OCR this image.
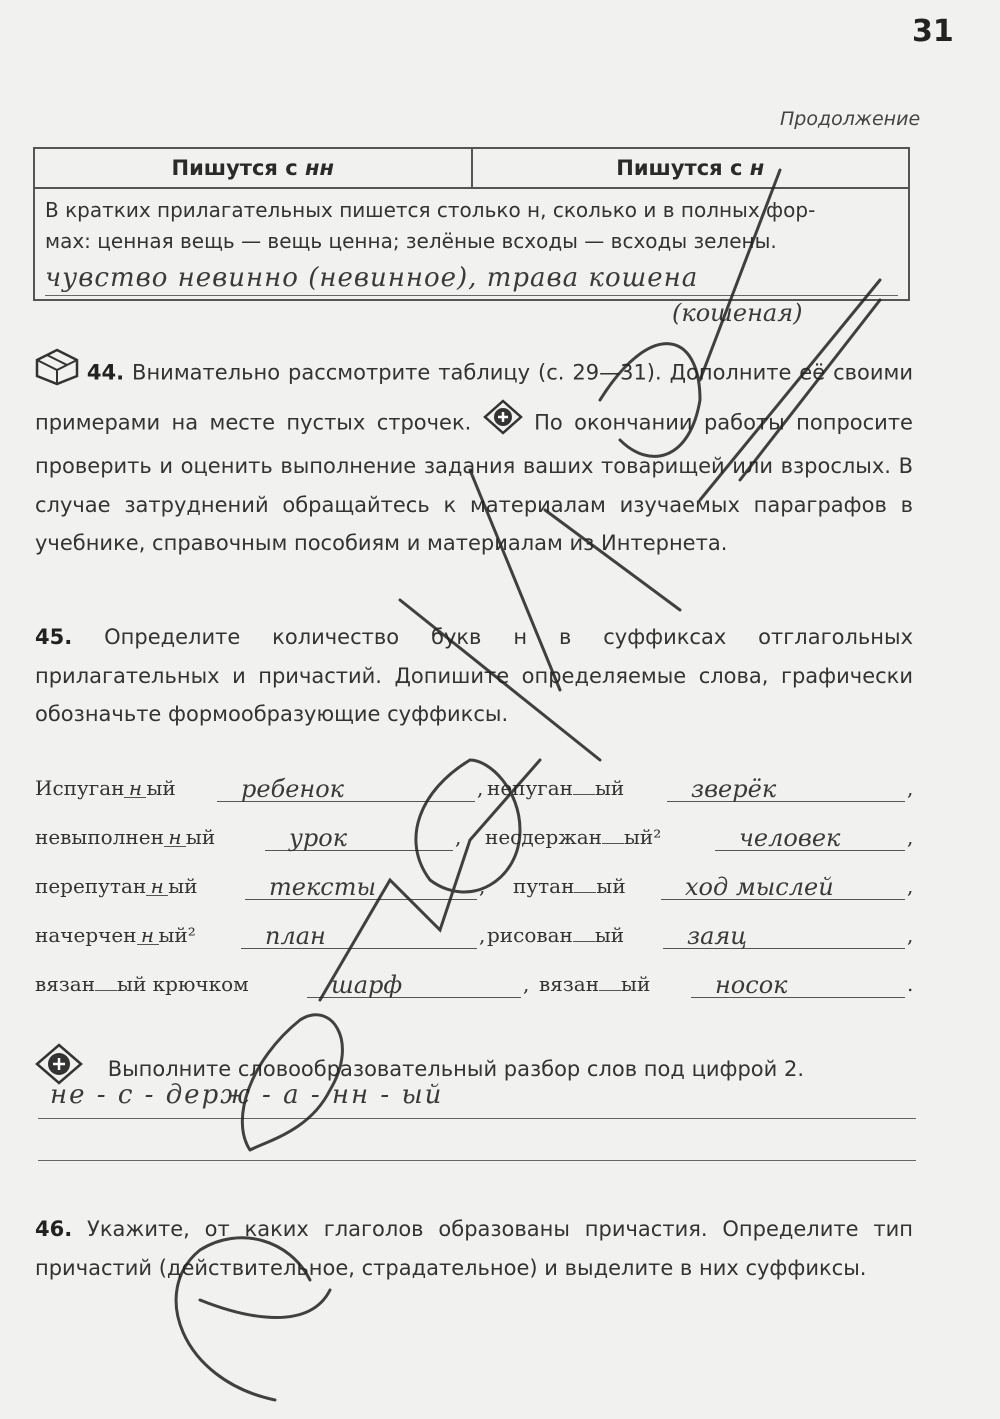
31
Продолжение
Пишутся с нн	Пишутся с н
В кратких прилагательных пишется столько н, сколько и в полных фор-
мах: ценная вещь — вещь ценна; зелёные всходы — всходы зелены.
чувство невинно (невинное), трава кошена
(кошеная)
44. Внимательно рассмотрите таблицу (с. 29—31). Дополните её своими примерами на месте пустых строчек.	По окончании работы попросите проверить и оценить выполнение задания ваших товарищей или взрослых. В случае затруднений обращайтесь к материалам изучаемых параграфов в учебнике, справочным пособиям и материалам из Интернета.
45. Определите количество букв н в суффиксах отглагольных прилагательных и причастий. Допишите определяемые слова, графически обозначьте формообразующие суффиксы.
Испуган н ый	ребенок	, непуган ый	зверёк	,
невыполнен н ый	урок	, несдержан ый²	человек	,
перепутан н ый	тексты	, путан ый	ход мыслей	,
начерчен н ый²	план	, рисован ый	заяц	,
вязан ый крючком	шарф	, вязан ый	носок	.
Выполните словообразовательный разбор слов под цифрой 2.
не - с - держ - а - нн - ый
46. Укажите, от каких глаголов образованы причастия. Определите тип причастий (действительное, страдательное) и выделите в них суффиксы.
